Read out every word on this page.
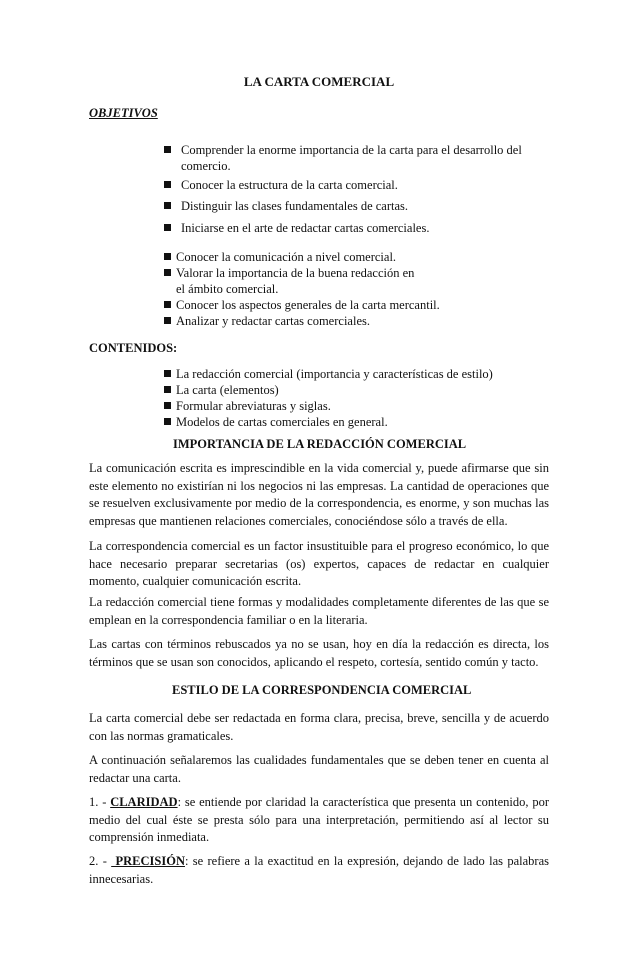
LA CARTA COMERCIAL
OBJETIVOS
Comprender la enorme importancia de la carta para el desarrollo del comercio.
Conocer la estructura de la carta comercial.
Distinguir las clases fundamentales de cartas.
Iniciarse en el arte de redactar cartas comerciales.
Conocer la comunicación a nivel comercial.
Valorar la importancia de la buena redacción en el ámbito comercial.
Conocer los aspectos generales de la carta mercantil.
Analizar y redactar cartas comerciales.
CONTENIDOS:
La redacción comercial (importancia y características de estilo)
La carta (elementos)
Formular abreviaturas y siglas.
Modelos de cartas comerciales en general.
IMPORTANCIA DE LA REDACCIÓN COMERCIAL
La comunicación escrita es imprescindible en la vida comercial y, puede afirmarse que sin este elemento no existirían ni los negocios ni las empresas. La cantidad de operaciones que se resuelven exclusivamente por medio de la correspondencia, es enorme, y son muchas las empresas que mantienen relaciones comerciales, conociéndose sólo a través de ella.
La correspondencia comercial es un factor insustituible para el progreso económico, lo que hace necesario preparar secretarias (os) expertos, capaces de redactar en cualquier momento, cualquier comunicación escrita.
La redacción comercial tiene formas y modalidades completamente diferentes de las que se emplean en la correspondencia familiar o en la literaria.
Las cartas con términos rebuscados ya no se usan, hoy en día la redacción es directa, los términos que se usan son conocidos, aplicando el respeto, cortesía, sentido común y tacto.
ESTILO DE LA CORRESPONDENCIA COMERCIAL
La carta comercial debe ser redactada en forma clara, precisa, breve, sencilla y de acuerdo con las normas gramaticales.
A continuación señalaremos las cualidades fundamentales que se deben tener en cuenta al redactar una carta.
1. - CLARIDAD: se entiende por claridad la característica que presenta un contenido, por medio del cual éste se presta sólo para una interpretación, permitiendo así al lector su comprensión inmediata.
2. -  PRECISIÓN: se refiere a la exactitud en la expresión, dejando de lado las palabras innecesarias.
